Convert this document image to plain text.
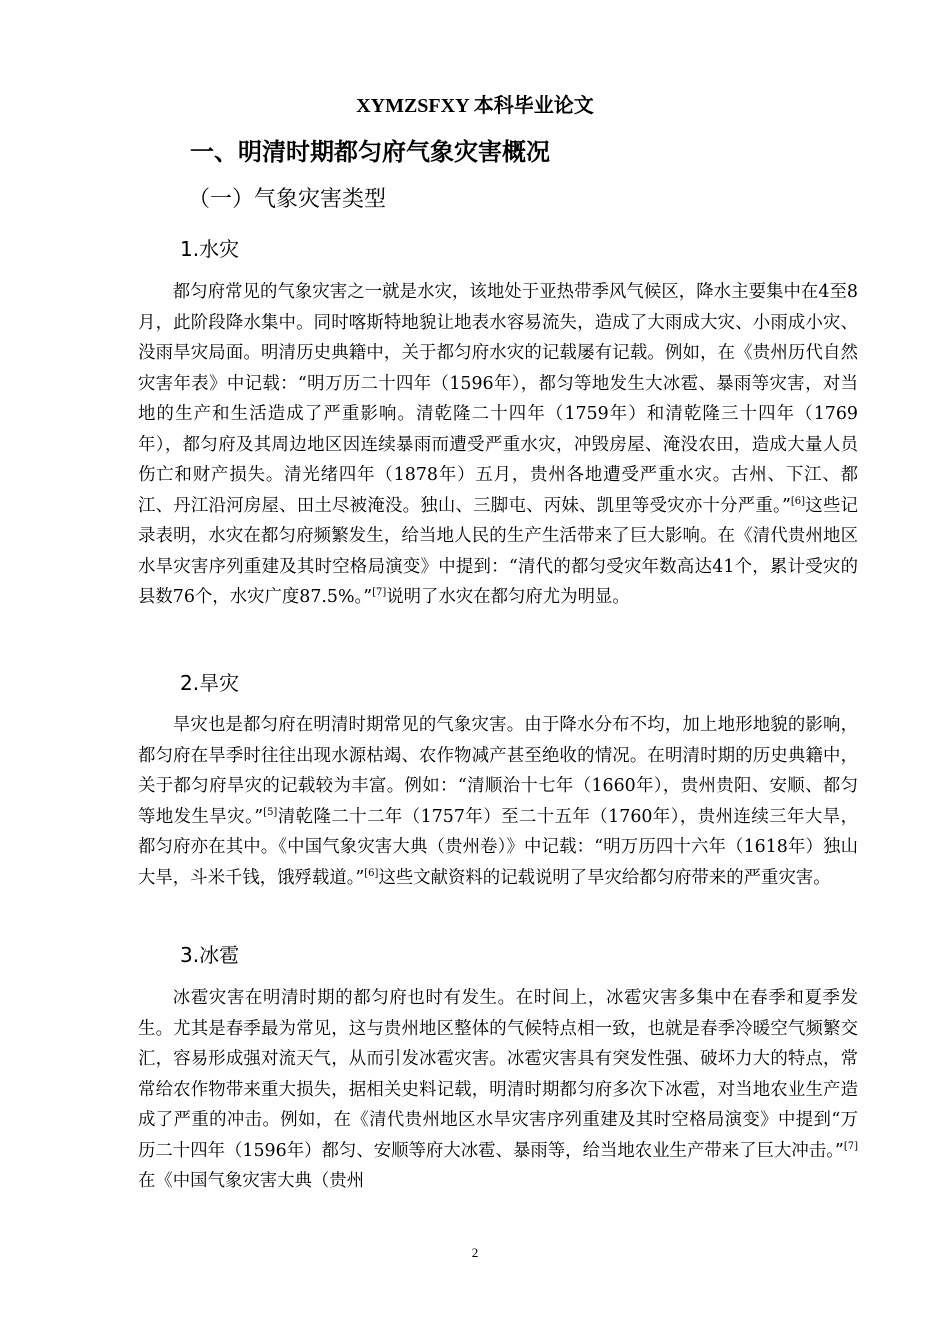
XYMZSFXY 本科毕业论文
一、明清时期都匀府气象灾害概况
（一）气象灾害类型
1.水灾

都匀府常见的气象灾害之一就是水灾，该地处于亚热带季风气候区，降水主要集中在4至8月，此阶段降水集中。同时喀斯特地貌让地表水容易流失，造成了大雨成大灾、小雨成小灾、没雨旱灾局面。明清历史典籍中，关于都匀府水灾的记载屡有记载。例如，在《贵州历代自然灾害年表》中记载：“明万历二十四年（1596年），都匀等地发生大冰雹、暴雨等灾害，对当地的生产和生活造成了严重影响。清乾隆二十四年（1759年）和清乾隆三十四年（1769年），都匀府及其周边地区因连续暴雨而遭受严重水灾，冲毁房屋、淹没农田，造成大量人员伤亡和财产损失。清光绪四年（1878年）五月，贵州各地遭受严重水灾。古州、下江、都江、丹江沿河房屋、田土尽被淹没。独山、三脚屯、丙妹、凯里等受灾亦十分严重。”[6]这些记录表明，水灾在都匀府频繁发生，给当地人民的生产生活带来了巨大影响。在《清代贵州地区水旱灾害序列重建及其时空格局演变》中提到：“清代的都匀受灾年数高达41个，累计受灾的县数76个，水灾广度87.5%。”[7]说明了水灾在都匀府尤为明显。

2.旱灾

旱灾也是都匀府在明清时期常见的气象灾害。由于降水分布不均，加上地形地貌的影响，都匀府在旱季时往往出现水源枯竭、农作物减产甚至绝收的情况。在明清时期的历史典籍中，关于都匀府旱灾的记载较为丰富。例如：“清顺治十七年（1660年），贵州贵阳、安顺、都匀等地发生旱灾。”[5]清乾隆二十二年（1757年）至二十五年（1760年），贵州连续三年大旱，都匀府亦在其中。《中国气象灾害大典（贵州卷）》中记载：“明万历四十六年（1618年）独山大旱，斗米千钱，饿殍载道。”[6]这些文献资料的记载说明了旱灾给都匀府带来的严重灾害。

3.冰雹

冰雹灾害在明清时期的都匀府也时有发生。在时间上，冰雹灾害多集中在春季和夏季发生。尤其是春季最为常见，这与贵州地区整体的气候特点相一致，也就是春季冷暖空气频繁交汇，容易形成强对流天气，从而引发冰雹灾害。冰雹灾害具有突发性强、破坏力大的特点，常常给农作物带来重大损失，据相关史料记载，明清时期都匀府多次下冰雹，对当地农业生产造成了严重的冲击。例如，在《清代贵州地区水旱灾害序列重建及其时空格局演变》中提到“万历二十四年（1596年）都匀、安顺等府大冰雹、暴雨等，给当地农业生产带来了巨大冲击。”[7]在《中国气象灾害大典（贵州

2
